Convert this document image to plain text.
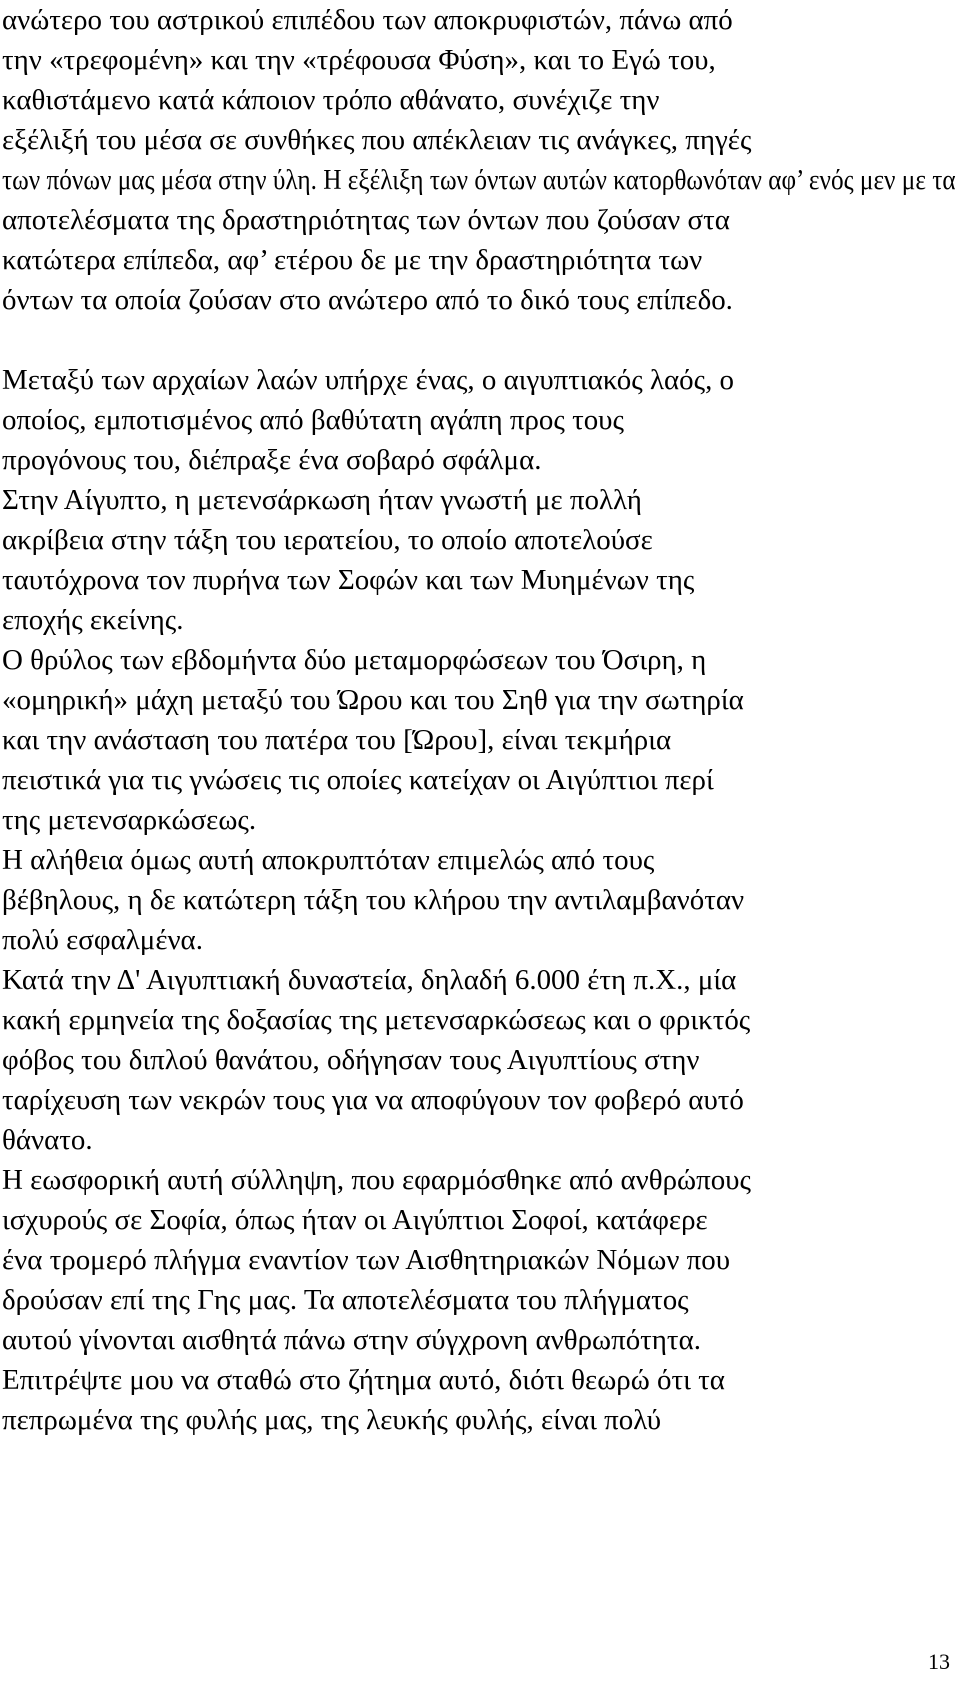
ανώτερο του αστρικού επιπέδου των αποκρυφιστών, πάνω από
την «τρεφομένη» και την «τρέφουσα Φύση», και το Εγώ του,
καθιστάμενο κατά κάποιον τρόπο αθάνατο, συνέχιζε την
εξέλιξή του μέσα σε συνθήκες που απέκλειαν τις ανάγκες, πηγές
των πόνων μας μέσα στην ύλη. Η εξέλιξη των όντων αυτών κατορθωνόταν αφ’ ενός μεν με τα
αποτελέσματα της δραστηριότητας των όντων που ζούσαν στα
κατώτερα επίπεδα, αφ’ ετέρου δε με την δραστηριότητα των
όντων τα οποία ζούσαν στο ανώτερο από το δικό τους επίπεδο.
Μεταξύ των αρχαίων λαών υπήρχε ένας, ο αιγυπτιακός λαός, ο
οποίος, εμποτισμένος από βαθύτατη αγάπη προς τους
προγόνους του, διέπραξε ένα σοβαρό σφάλμα.
Στην Αίγυπτο, η μετενσάρκωση ήταν γνωστή με πολλή
ακρίβεια στην τάξη του ιερατείου, το οποίο αποτελούσε
ταυτόχρονα τον πυρήνα των Σοφών και των Μυημένων της
εποχής εκείνης.
Ο θρύλος των εβδομήντα δύο μεταμορφώσεων του Όσιρη, η
«ομηρική» μάχη μεταξύ του Ώρου και του Σηθ για την σωτηρία
και την ανάσταση του πατέρα του [Ώρου], είναι τεκμήρια
πειστικά για τις γνώσεις τις οποίες κατείχαν οι Αιγύπτιοι περί
της μετενσαρκώσεως.
Η αλήθεια όμως αυτή αποκρυπτόταν επιμελώς από τους
βέβηλους, η δε κατώτερη τάξη του κλήρου την αντιλαμβανόταν
πολύ εσφαλμένα.
Κατά την Δ' Αιγυπτιακή δυναστεία, δηλαδή 6.000 έτη π.Χ., μία
κακή ερμηνεία της δοξασίας της μετενσαρκώσεως και ο φρικτός
φόβος του διπλού θανάτου, οδήγησαν τους Αιγυπτίους στην
ταρίχευση των νεκρών τους για να αποφύγουν τον φοβερό αυτό
θάνατο.
Η εωσφορική αυτή σύλληψη, που εφαρμόσθηκε από ανθρώπους
ισχυρούς σε Σοφία, όπως ήταν οι Αιγύπτιοι Σοφοί, κατάφερε
ένα τρομερό πλήγμα εναντίον των Αισθητηριακών Νόμων που
δρούσαν επί της Γης μας. Τα αποτελέσματα του πλήγματος
αυτού γίνονται αισθητά πάνω στην σύγχρονη ανθρωπότητα.
Επιτρέψτε μου να σταθώ στο ζήτημα αυτό, διότι θεωρώ ότι τα
πεπρωμένα της φυλής μας, της λευκής φυλής, είναι πολύ
13
